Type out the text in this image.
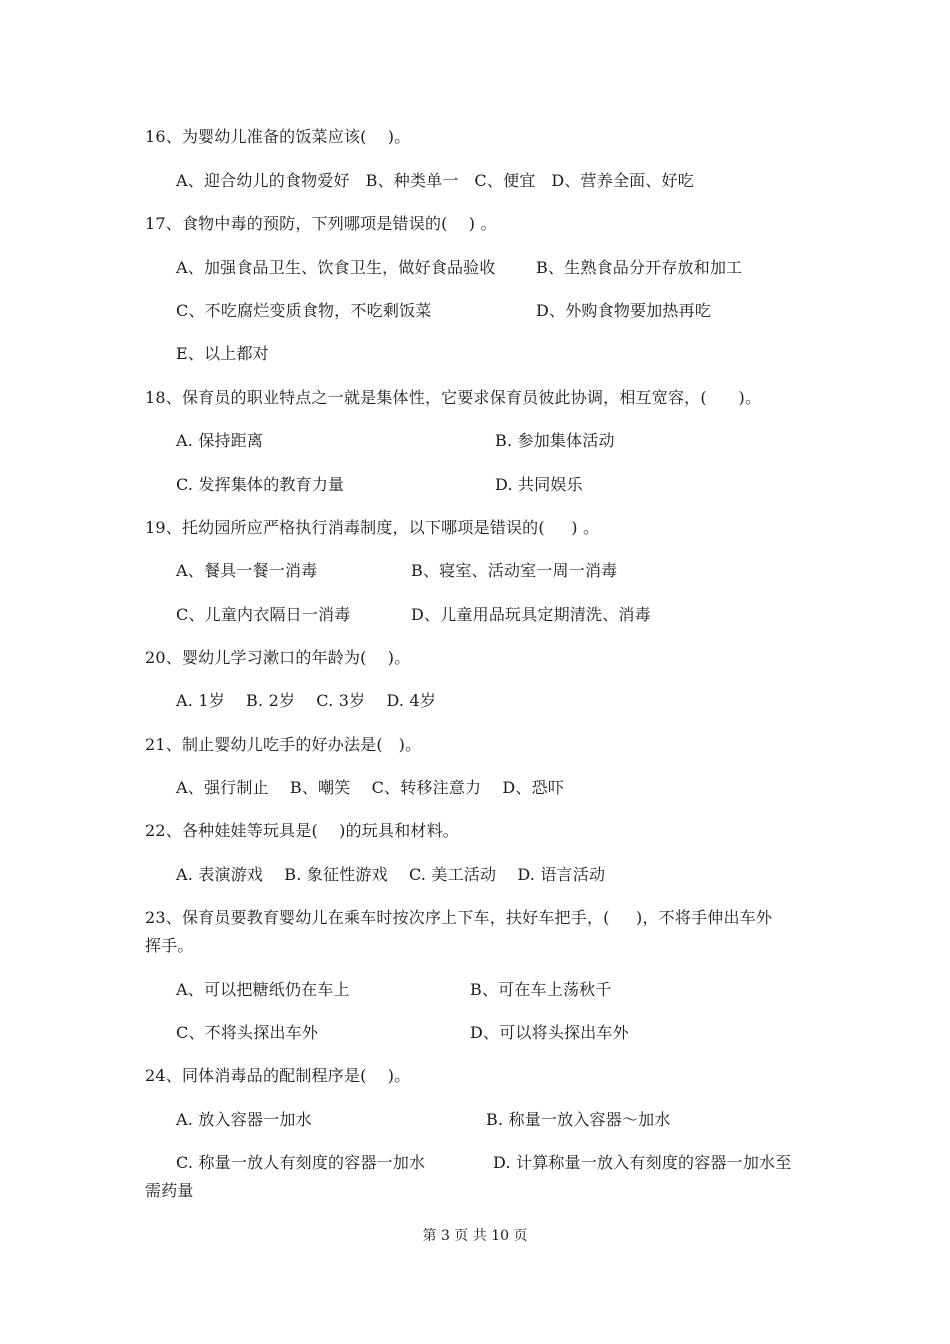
16、为婴幼儿准备的饭菜应该(    )。
A、迎合幼儿的食物爱好   B、种类单一   C、便宜   D、营养全面、好吃
17、食物中毒的预防，下列哪项是错误的(    ) 。
A、加强食品卫生、饮食卫生，做好食品验收	B、生熟食品分开存放和加工
C、不吃腐烂变质食物，不吃剩饭菜	D、外购食物要加热再吃
E、以上都对
18、保育员的职业特点之一就是集体性，它要求保育员彼此协调，相互宽容，(      )。
A. 保持距离	B. 参加集体活动
C. 发挥集体的教育力量	D. 共同娱乐
19、托幼园所应严格执行消毒制度，以下哪项是错误的(     ) 。
A、餐具一餐一消毒	B、寝室、活动室一周一消毒
C、儿童内衣隔日一消毒	D、儿童用品玩具定期清洗、消毒
20、婴幼儿学习漱口的年龄为(    )。
A. 1岁    B. 2岁    C. 3岁    D. 4岁
21、制止婴幼儿吃手的好办法是(   )。
A、强行制止    B、嘲笑    C、转移注意力    D、恐吓
22、各种娃娃等玩具是(    )的玩具和材料。
A. 表演游戏    B. 象征性游戏    C. 美工活动    D. 语言活动
23、保育员要教育婴幼儿在乘车时按次序上下车，扶好车把手，(     )，不将手伸出车外
挥手。
A、可以把糖纸仍在车上	B、可在车上荡秋千
C、不将头探出车外	D、可以将头探出车外
24、同体消毒品的配制程序是(    )。
A. 放入容器一加水	B. 称量一放入容器～加水
C. 称量一放人有刻度的容器一加水	D. 计算称量一放入有刻度的容器一加水至
需药量
第 3 页 共 10 页
